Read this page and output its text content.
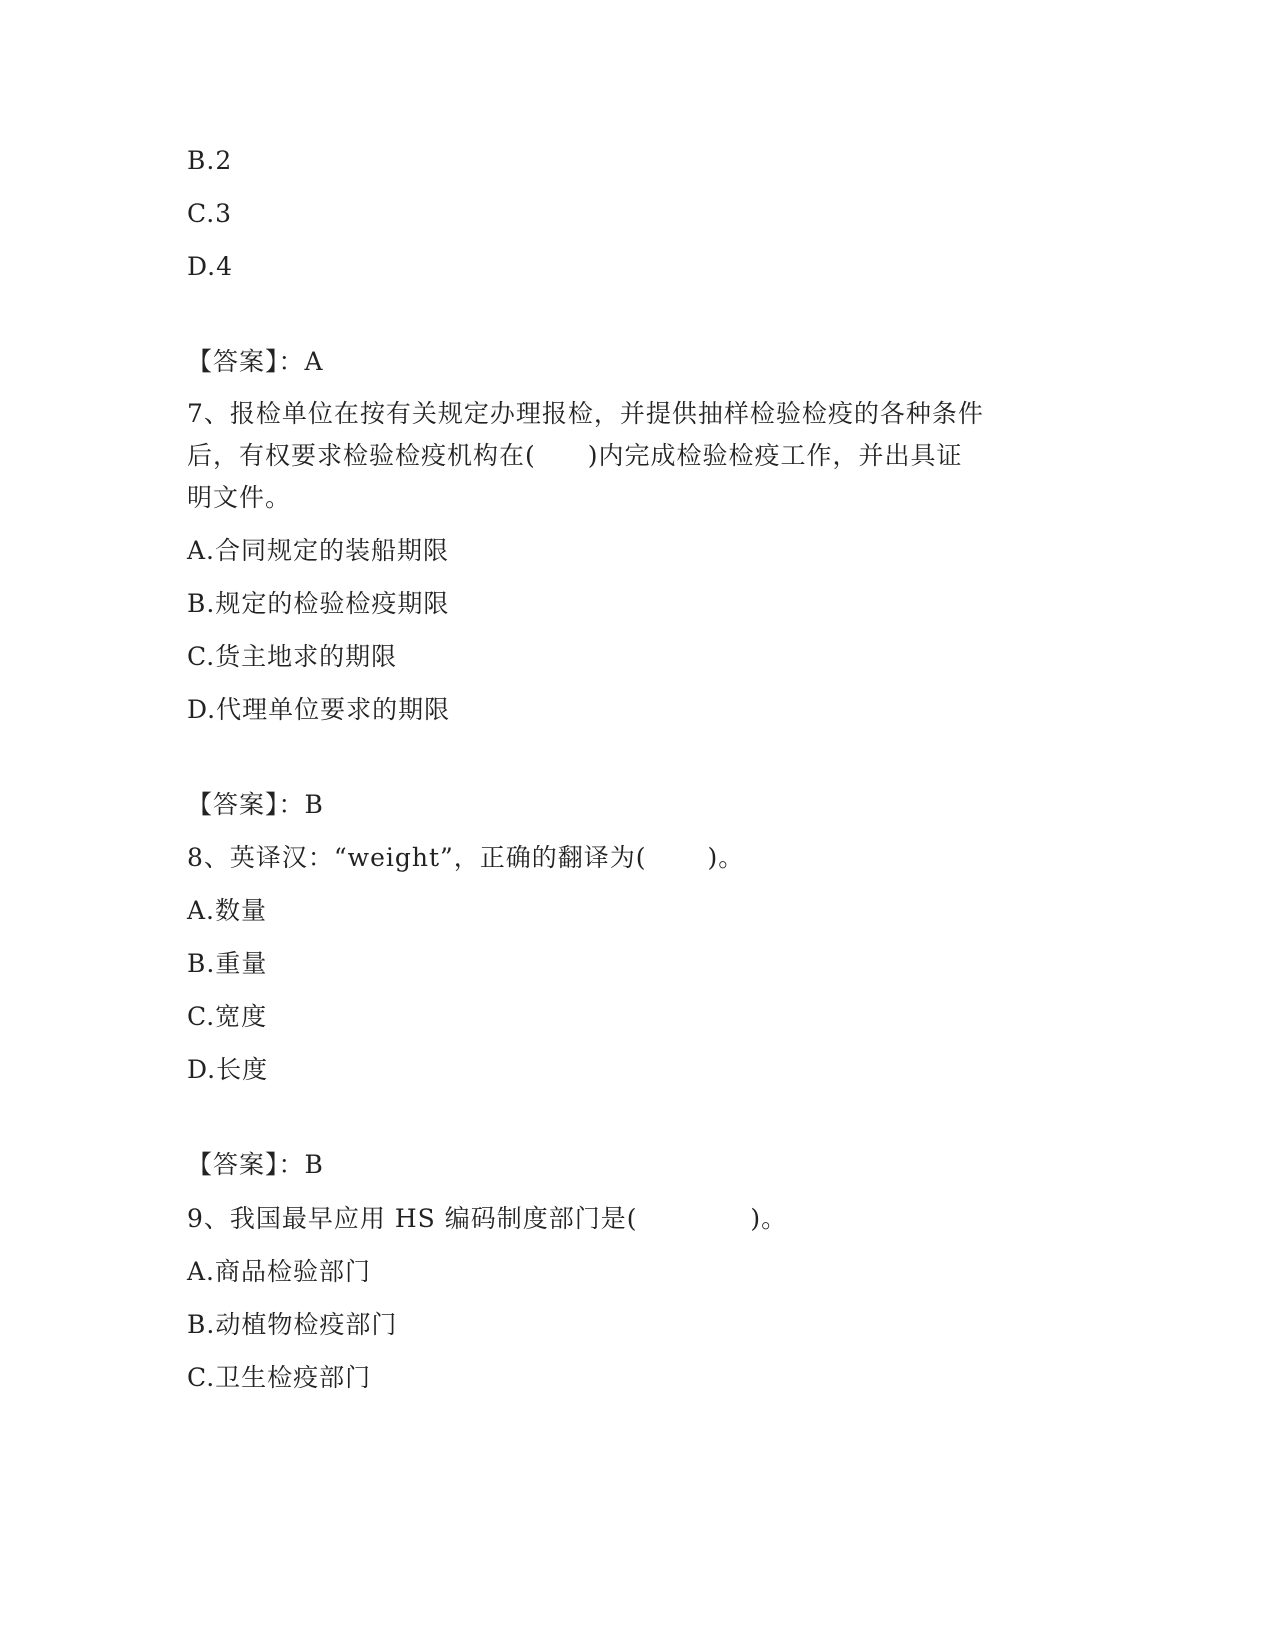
B.2
C.3
D.4
【答案】：A
7、报检单位在按有关规定办理报检，并提供抽样检验检疫的各种条件
后，有权要求检验检疫机构在(　　)内完成检验检疫工作，并出具证
明文件。
A.合同规定的装船期限
B.规定的检验检疫期限
C.货主地求的期限
D.代理单位要求的期限
【答案】：B
8、英译汉：“weight”，正确的翻译为(　　 )。
A.数量
B.重量
C.宽度
D.长度
【答案】：B
9、我国最早应用 HS 编码制度部门是(　　　　 )。
A.商品检验部门
B.动植物检疫部门
C.卫生检疫部门
